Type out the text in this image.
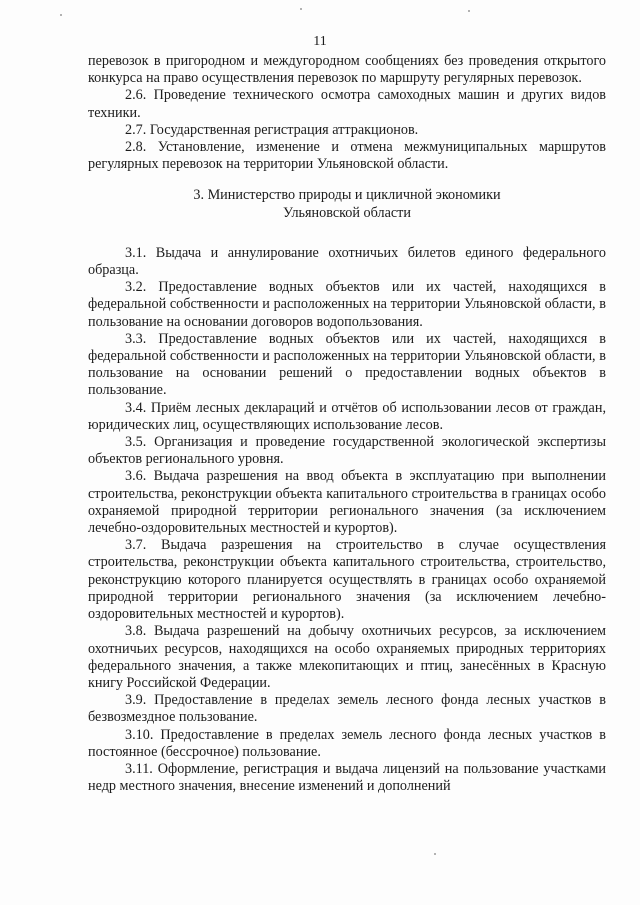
11

перевозок в пригородном и междугородном сообщениях без проведения открытого конкурса на право осуществления перевозок по маршруту регулярных перевозок.

2.6. Проведение технического осмотра самоходных машин и других видов техники.

2.7. Государственная регистрация аттракционов.

2.8. Установление, изменение и отмена межмуниципальных маршрутов регулярных перевозок на территории Ульяновской области.

3. Министерство природы и цикличной экономики
Ульяновской области

3.1. Выдача и аннулирование охотничьих билетов единого федерального образца.

3.2. Предоставление водных объектов или их частей, находящихся в федеральной собственности и расположенных на территории Ульяновской области, в пользование на основании договоров водопользования.

3.3. Предоставление водных объектов или их частей, находящихся в федеральной собственности и расположенных на территории Ульяновской области, в пользование на основании решений о предоставлении водных объектов в пользование.

3.4. Приём лесных деклараций и отчётов об использовании лесов от граждан, юридических лиц, осуществляющих использование лесов.

3.5. Организация и проведение государственной экологической экспертизы объектов регионального уровня.

3.6. Выдача разрешения на ввод объекта в эксплуатацию при выполнении строительства, реконструкции объекта капитального строительства в границах особо охраняемой природной территории регионального значения (за исключением лечебно-оздоровительных местностей и курортов).

3.7. Выдача разрешения на строительство в случае осуществления строительства, реконструкции объекта капитального строительства, строительство, реконструкцию которого планируется осуществлять в границах особо охраняемой природной территории регионального значения (за исключением лечебно-оздоровительных местностей и курортов).

3.8. Выдача разрешений на добычу охотничьих ресурсов, за исключением охотничьих ресурсов, находящихся на особо охраняемых природных территориях федерального значения, а также млекопитающих и птиц, занесённых в Красную книгу Российской Федерации.

3.9. Предоставление в пределах земель лесного фонда лесных участков в безвозмездное пользование.

3.10. Предоставление в пределах земель лесного фонда лесных участков в постоянное (бессрочное) пользование.

3.11. Оформление, регистрация и выдача лицензий на пользование участками недр местного значения, внесение изменений и дополнений
